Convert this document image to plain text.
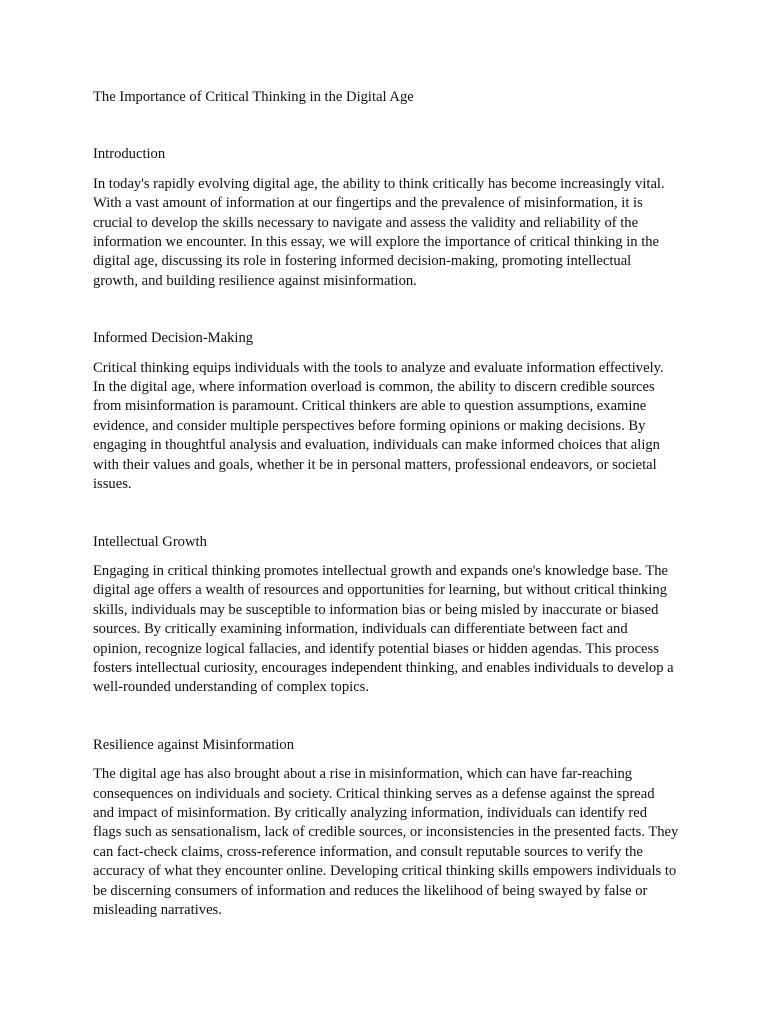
The Importance of Critical Thinking in the Digital Age
Introduction

In today's rapidly evolving digital age, the ability to think critically has become increasingly vital. With a vast amount of information at our fingertips and the prevalence of misinformation, it is crucial to develop the skills necessary to navigate and assess the validity and reliability of the information we encounter. In this essay, we will explore the importance of critical thinking in the digital age, discussing its role in fostering informed decision-making, promoting intellectual growth, and building resilience against misinformation.

Informed Decision-Making

Critical thinking equips individuals with the tools to analyze and evaluate information effectively. In the digital age, where information overload is common, the ability to discern credible sources from misinformation is paramount. Critical thinkers are able to question assumptions, examine evidence, and consider multiple perspectives before forming opinions or making decisions. By engaging in thoughtful analysis and evaluation, individuals can make informed choices that align with their values and goals, whether it be in personal matters, professional endeavors, or societal issues.

Intellectual Growth

Engaging in critical thinking promotes intellectual growth and expands one's knowledge base. The digital age offers a wealth of resources and opportunities for learning, but without critical thinking skills, individuals may be susceptible to information bias or being misled by inaccurate or biased sources. By critically examining information, individuals can differentiate between fact and opinion, recognize logical fallacies, and identify potential biases or hidden agendas. This process fosters intellectual curiosity, encourages independent thinking, and enables individuals to develop a well-rounded understanding of complex topics.

Resilience against Misinformation

The digital age has also brought about a rise in misinformation, which can have far-reaching consequences on individuals and society. Critical thinking serves as a defense against the spread and impact of misinformation. By critically analyzing information, individuals can identify red flags such as sensationalism, lack of credible sources, or inconsistencies in the presented facts. They can fact-check claims, cross-reference information, and consult reputable sources to verify the accuracy of what they encounter online. Developing critical thinking skills empowers individuals to be discerning consumers of information and reduces the likelihood of being swayed by false or misleading narratives.
